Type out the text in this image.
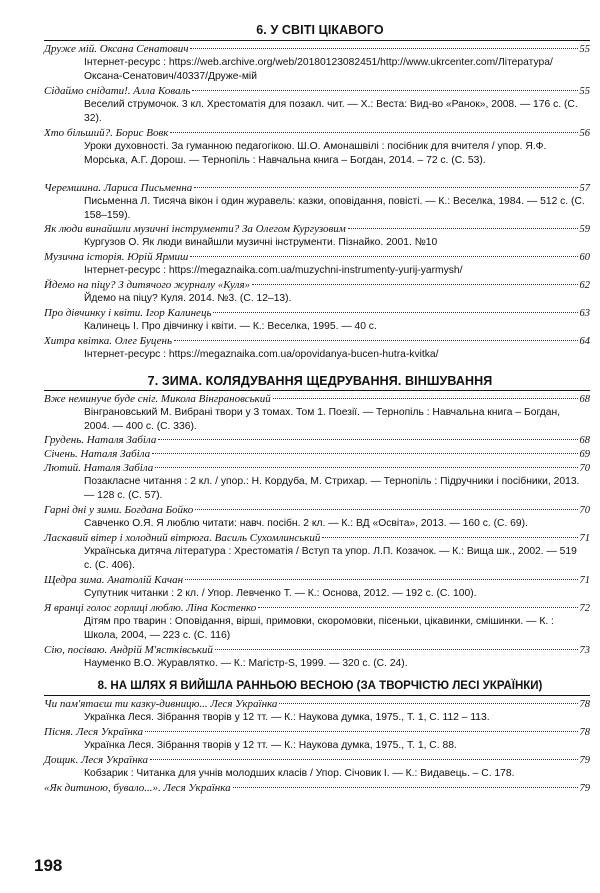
6. У СВІТІ ЦІКАВОГО
Друже мій. Оксана Сенатович	55
Інтернет-ресурс : https://web.archive.org/web/20180123082451/http://www.ukrcenter.com/Література/Оксана-Сенатович/40337/Друже-мій
Сідаймо снідати!. Алла Коваль	55
Веселий струмочок. 3 кл. Хрестоматія для позакл. чит. — Х.: Веста: Вид-во «Ранок», 2008. — 176 с. (С. 32).
Хто більший?. Борис Вовк	56
Уроки духовності. За гуманною педагогікою. Ш.О. Амонашвілі : посібник для вчителя / упор. Я.Ф. Морська, А.Г. Дорош. — Тернопіль : Навчальна книга – Богдан, 2014. – 72 с. (С. 53).
Черемшина. Лариса Письменна	57
Письменна Л. Тисяча вікон і один журавель: казки, оповідання, повісті. — К.: Веселка, 1984. — 512 с. (С. 158–159).
Як люди винайшли музичні інструменти? За Олегом Кургузовим	59
Кургузов О. Як люди винайшли музичні інструменти. Пізнайко. 2001. №10
Музична історія. Юрій Ярмиш	60
Інтернет-ресурс : https://megaznaika.com.ua/muzychni-instrumenty-yurij-yarmysh/
Йдемо на піцу? З дитячого журналу «Куля»	62
Йдемо на піцу? Куля. 2014. №3. (С. 12–13).
Про дівчинку і квіти. Ігор Калинець	63
Калинець І. Про дівчинку і квіти. — К.: Веселка, 1995. — 40 с.
Хитра квітка. Олег Буцень	64
Інтернет-ресурс : https://megaznaika.com.ua/opovidanya-bucen-hutra-kvitka/
7. ЗИМА. КОЛЯДУВАННЯ ЩЕДРУВАННЯ. ВІНШУВАННЯ
Вже неминуче буде сніг. Микола Вінграновський	68
Вінграновський М. Вибрані твори у 3 томах. Том 1. Поезії. — Тернопіль : Навчальна книга – Богдан, 2004. — 400 с. (С. 336).
Грудень. Наталя Забіла	68
Січень. Наталя Забіла	69
Лютий. Наталя Забіла	70
Позакласне читання : 2 кл. / упор.: Н. Кордуба, М. Стрихар. — Тернопіль : Підручники і посібники, 2013. — 128 с. (С. 57).
Гарні дні у зими. Богдана Бойко	70
Савченко О.Я. Я люблю читати: навч. посібн. 2 кл. — К.: ВД «Освіта», 2013. — 160 с. (С. 69).
Ласкавий вітер і холодний вітрюга. Василь Сухомлинський	71
Українська дитяча література : Хрестоматія / Вступ та упор. Л.П. Козачок. — К.: Вища шк., 2002. — 519 с. (С. 406).
Щедра зима. Анатолій Качан	71
Супутник читанки : 2 кл. / Упор. Левченко Т. — К.: Основа, 2012. — 192 с. (С. 100).
Я вранці голос горлиці люблю. Ліна Костенко	72
Дітям про тварин : Оповідання, вірші, примовки, скоромовки, пісеньки, цікавинки, смішинки. — К. : Школа, 2004, — 223 с. (С. 116)
Сію, посіваю. Андрій М'ястківський	73
Науменко В.О. Журавлятко. — К.: Магістр-S, 1999. — 320 с. (С. 24).
8. НА ШЛЯХ Я ВИЙШЛА РАННЬОЮ ВЕСНОЮ (ЗА ТВОРЧІСТЮ ЛЕСІ УКРАЇНКИ)
Чи пам'ятаєш ти казку-дивницю... Леся Українка	78
Українка Леся. Зібрання творів у 12 тт. — К.: Наукова думка, 1975., Т. 1, С. 112 – 113.
Пісня. Леся Українка	78
Українка Леся. Зібрання творів у 12 тт. — К.: Наукова думка, 1975., Т. 1, С. 88.
Дощик. Леся Українка	79
Кобзарик : Читанка для учнів молодших класів / Упор. Січовик І. — К.: Видавець. – С. 178.
«Як дитиною, бувало...». Леся Українка	79
198
